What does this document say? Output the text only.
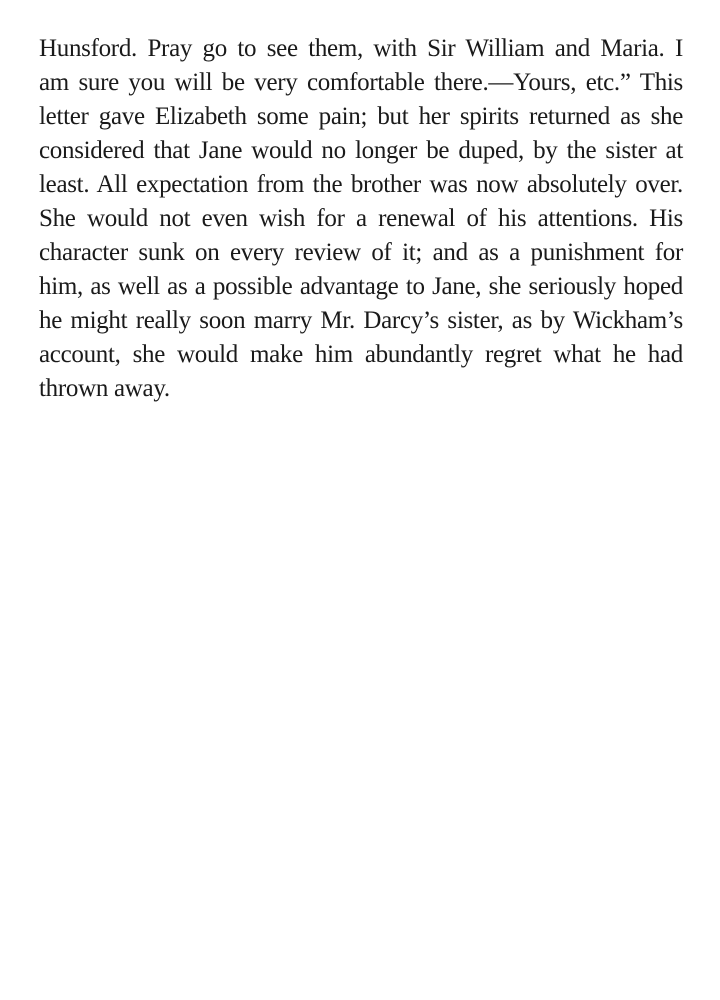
Hunsford. Pray go to see them, with Sir William and Maria. I
am sure you will be very comfortable there.—Yours, etc.” This
letter gave Elizabeth some pain; but her spirits returned as she
considered that Jane would no longer be duped, by the sister at
least. All expectation from the brother was now absolutely over.
She would not even wish for a renewal of his attentions. His
character sunk on every review of it; and as a punishment for
him, as well as a possible advantage to Jane, she seriously hoped
he might really soon marry Mr. Darcy’s sister, as by Wickham’s
account, she would make him abundantly regret what he had
thrown away.
